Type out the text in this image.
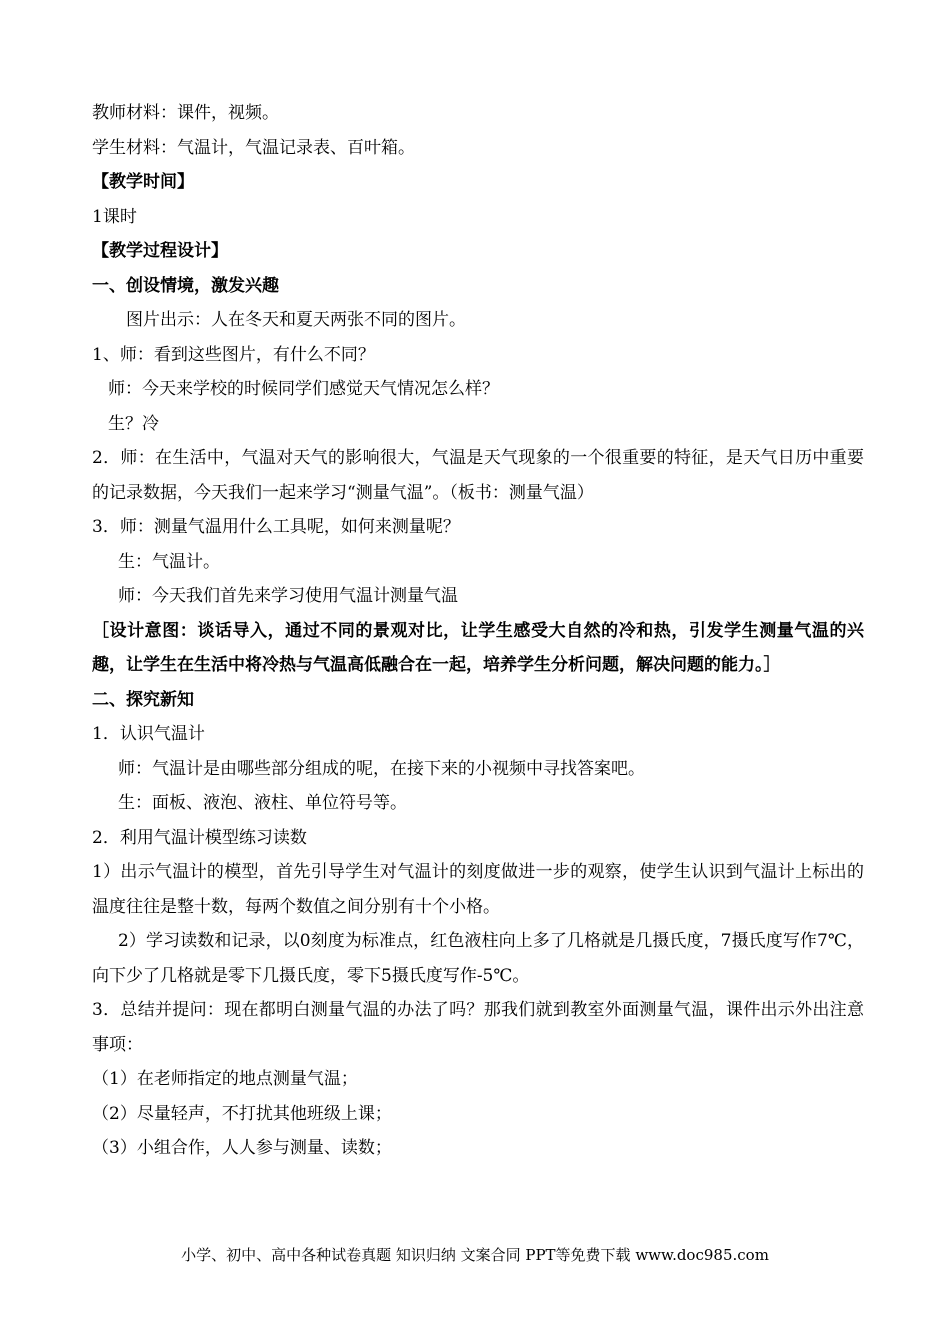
教师材料：课件，视频。
学生材料：气温计，气温记录表、百叶箱。
【教学时间】
1课时
【教学过程设计】
一、创设情境，激发兴趣
图片出示：人在冬天和夏天两张不同的图片。
1、师：看到这些图片，有什么不同？
师：今天来学校的时候同学们感觉天气情况怎么样？
生？冷
2．师：在生活中，气温对天气的影响很大，气温是天气现象的一个很重要的特征，是天气日历中重要的记录数据，今天我们一起来学习“测量气温”。（板书：测量气温）
3．师：测量气温用什么工具呢，如何来测量呢？
生：气温计。
师：今天我们首先来学习使用气温计测量气温
［设计意图：谈话导入，通过不同的景观对比，让学生感受大自然的冷和热，引发学生测量气温的兴趣，让学生在生活中将冷热与气温高低融合在一起，培养学生分析问题，解决问题的能力。］
二、探究新知
1．认识气温计
师：气温计是由哪些部分组成的呢，在接下来的小视频中寻找答案吧。
生：面板、液泡、液柱、单位符号等。
2．利用气温计模型练习读数
1）出示气温计的模型，首先引导学生对气温计的刻度做进一步的观察，使学生认识到气温计上标出的温度往往是整十数，每两个数值之间分别有十个小格。
2）学习读数和记录，以0刻度为标准点，红色液柱向上多了几格就是几摄氏度，7摄氏度写作7℃，向下少了几格就是零下几摄氏度，零下5摄氏度写作-5℃。
3．总结并提问：现在都明白测量气温的办法了吗？那我们就到教室外面测量气温，课件出示外出注意事项：
（1）在老师指定的地点测量气温；
（2）尽量轻声，不打扰其他班级上课；
（3）小组合作，人人参与测量、读数；
小学、初中、高中各种试卷真题 知识归纳 文案合同 PPT等免费下载 www.doc985.com
